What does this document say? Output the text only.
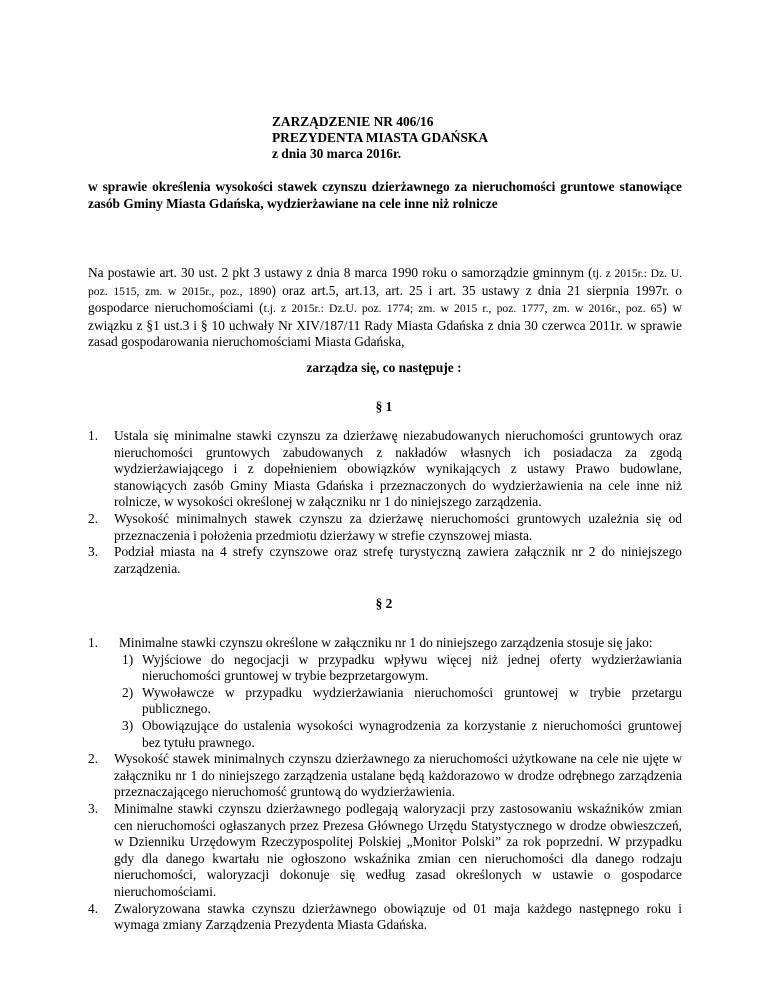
ZARZĄDZENIE NR 406/16
PREZYDENTA MIASTA GDAŃSKA
z dnia 30 marca 2016r.
w sprawie określenia wysokości stawek czynszu dzierżawnego za nieruchomości gruntowe stanowiące zasób Gminy Miasta Gdańska, wydzierżawiane na cele inne niż rolnicze
Na postawie art. 30 ust. 2 pkt 3 ustawy z dnia 8 marca 1990 roku o samorządzie gminnym (tj. z 2015r.: Dz. U. poz. 1515, zm. w 2015r., poz., 1890) oraz art.5, art.13, art. 25 i art. 35 ustawy z dnia 21 sierpnia 1997r. o gospodarce nieruchomościami (t.j. z 2015r.: Dz.U. poz. 1774; zm. w 2015 r., poz. 1777, zm. w 2016r., poz. 65) w związku z §1 ust.3 i § 10 uchwały Nr XIV/187/11 Rady Miasta Gdańska z dnia 30 czerwca 2011r. w sprawie zasad gospodarowania nieruchomościami Miasta Gdańska,
zarządza się, co następuje :
§ 1
1. Ustala się minimalne stawki czynszu za dzierżawę niezabudowanych nieruchomości gruntowych oraz nieruchomości gruntowych zabudowanych z nakładów własnych ich posiadacza za zgodą wydzierżawiającego i z dopełnieniem obowiązków wynikających z ustawy Prawo budowlane, stanowiących zasób Gminy Miasta Gdańska i przeznaczonych do wydzierżawienia na cele inne niż rolnicze, w wysokości określonej w załączniku nr 1 do niniejszego zarządzenia.
2. Wysokość minimalnych stawek czynszu za dzierżawę nieruchomości gruntowych uzależnia się od przeznaczenia i położenia przedmiotu dzierżawy w strefie czynszowej miasta.
3. Podział miasta na 4 strefy czynszowe oraz strefę turystyczną zawiera załącznik nr 2 do niniejszego zarządzenia.
§ 2
1.	Minimalne stawki czynszu określone w załączniku nr 1 do niniejszego zarządzenia stosuje się jako:
1) Wyjściowe do negocjacji w przypadku wpływu więcej niż jednej oferty wydzierżawiania nieruchomości gruntowej w trybie bezprzetargowym.
2) Wywoławcze w przypadku wydzierżawiania nieruchomości gruntowej w trybie przetargu publicznego.
3) Obowiązujące do ustalenia wysokości wynagrodzenia za korzystanie z nieruchomości gruntowej bez tytułu prawnego.
2. Wysokość stawek minimalnych czynszu dzierżawnego za nieruchomości użytkowane na cele nie ujęte w załączniku nr 1 do niniejszego zarządzenia ustalane będą każdorazowo w drodze odrębnego zarządzenia przeznaczającego nieruchomość gruntową do wydzierżawienia.
3. Minimalne stawki czynszu dzierżawnego podlegają waloryzacji przy zastosowaniu wskaźników zmian cen nieruchomości ogłaszanych przez Prezesa Głównego Urzędu Statystycznego w drodze obwieszczeń, w Dzienniku Urzędowym Rzeczypospolitej Polskiej „Monitor Polski” za rok poprzedni. W przypadku gdy dla danego kwartału nie ogłoszono wskaźnika zmian cen nieruchomości dla danego rodzaju nieruchomości, waloryzacji dokonuje się według zasad określonych w ustawie o gospodarce nieruchomościami.
4. Zwaloryzowana stawka czynszu dzierżawnego obowiązuje od 01 maja każdego następnego roku i wymaga zmiany Zarządzenia Prezydenta Miasta Gdańska.
